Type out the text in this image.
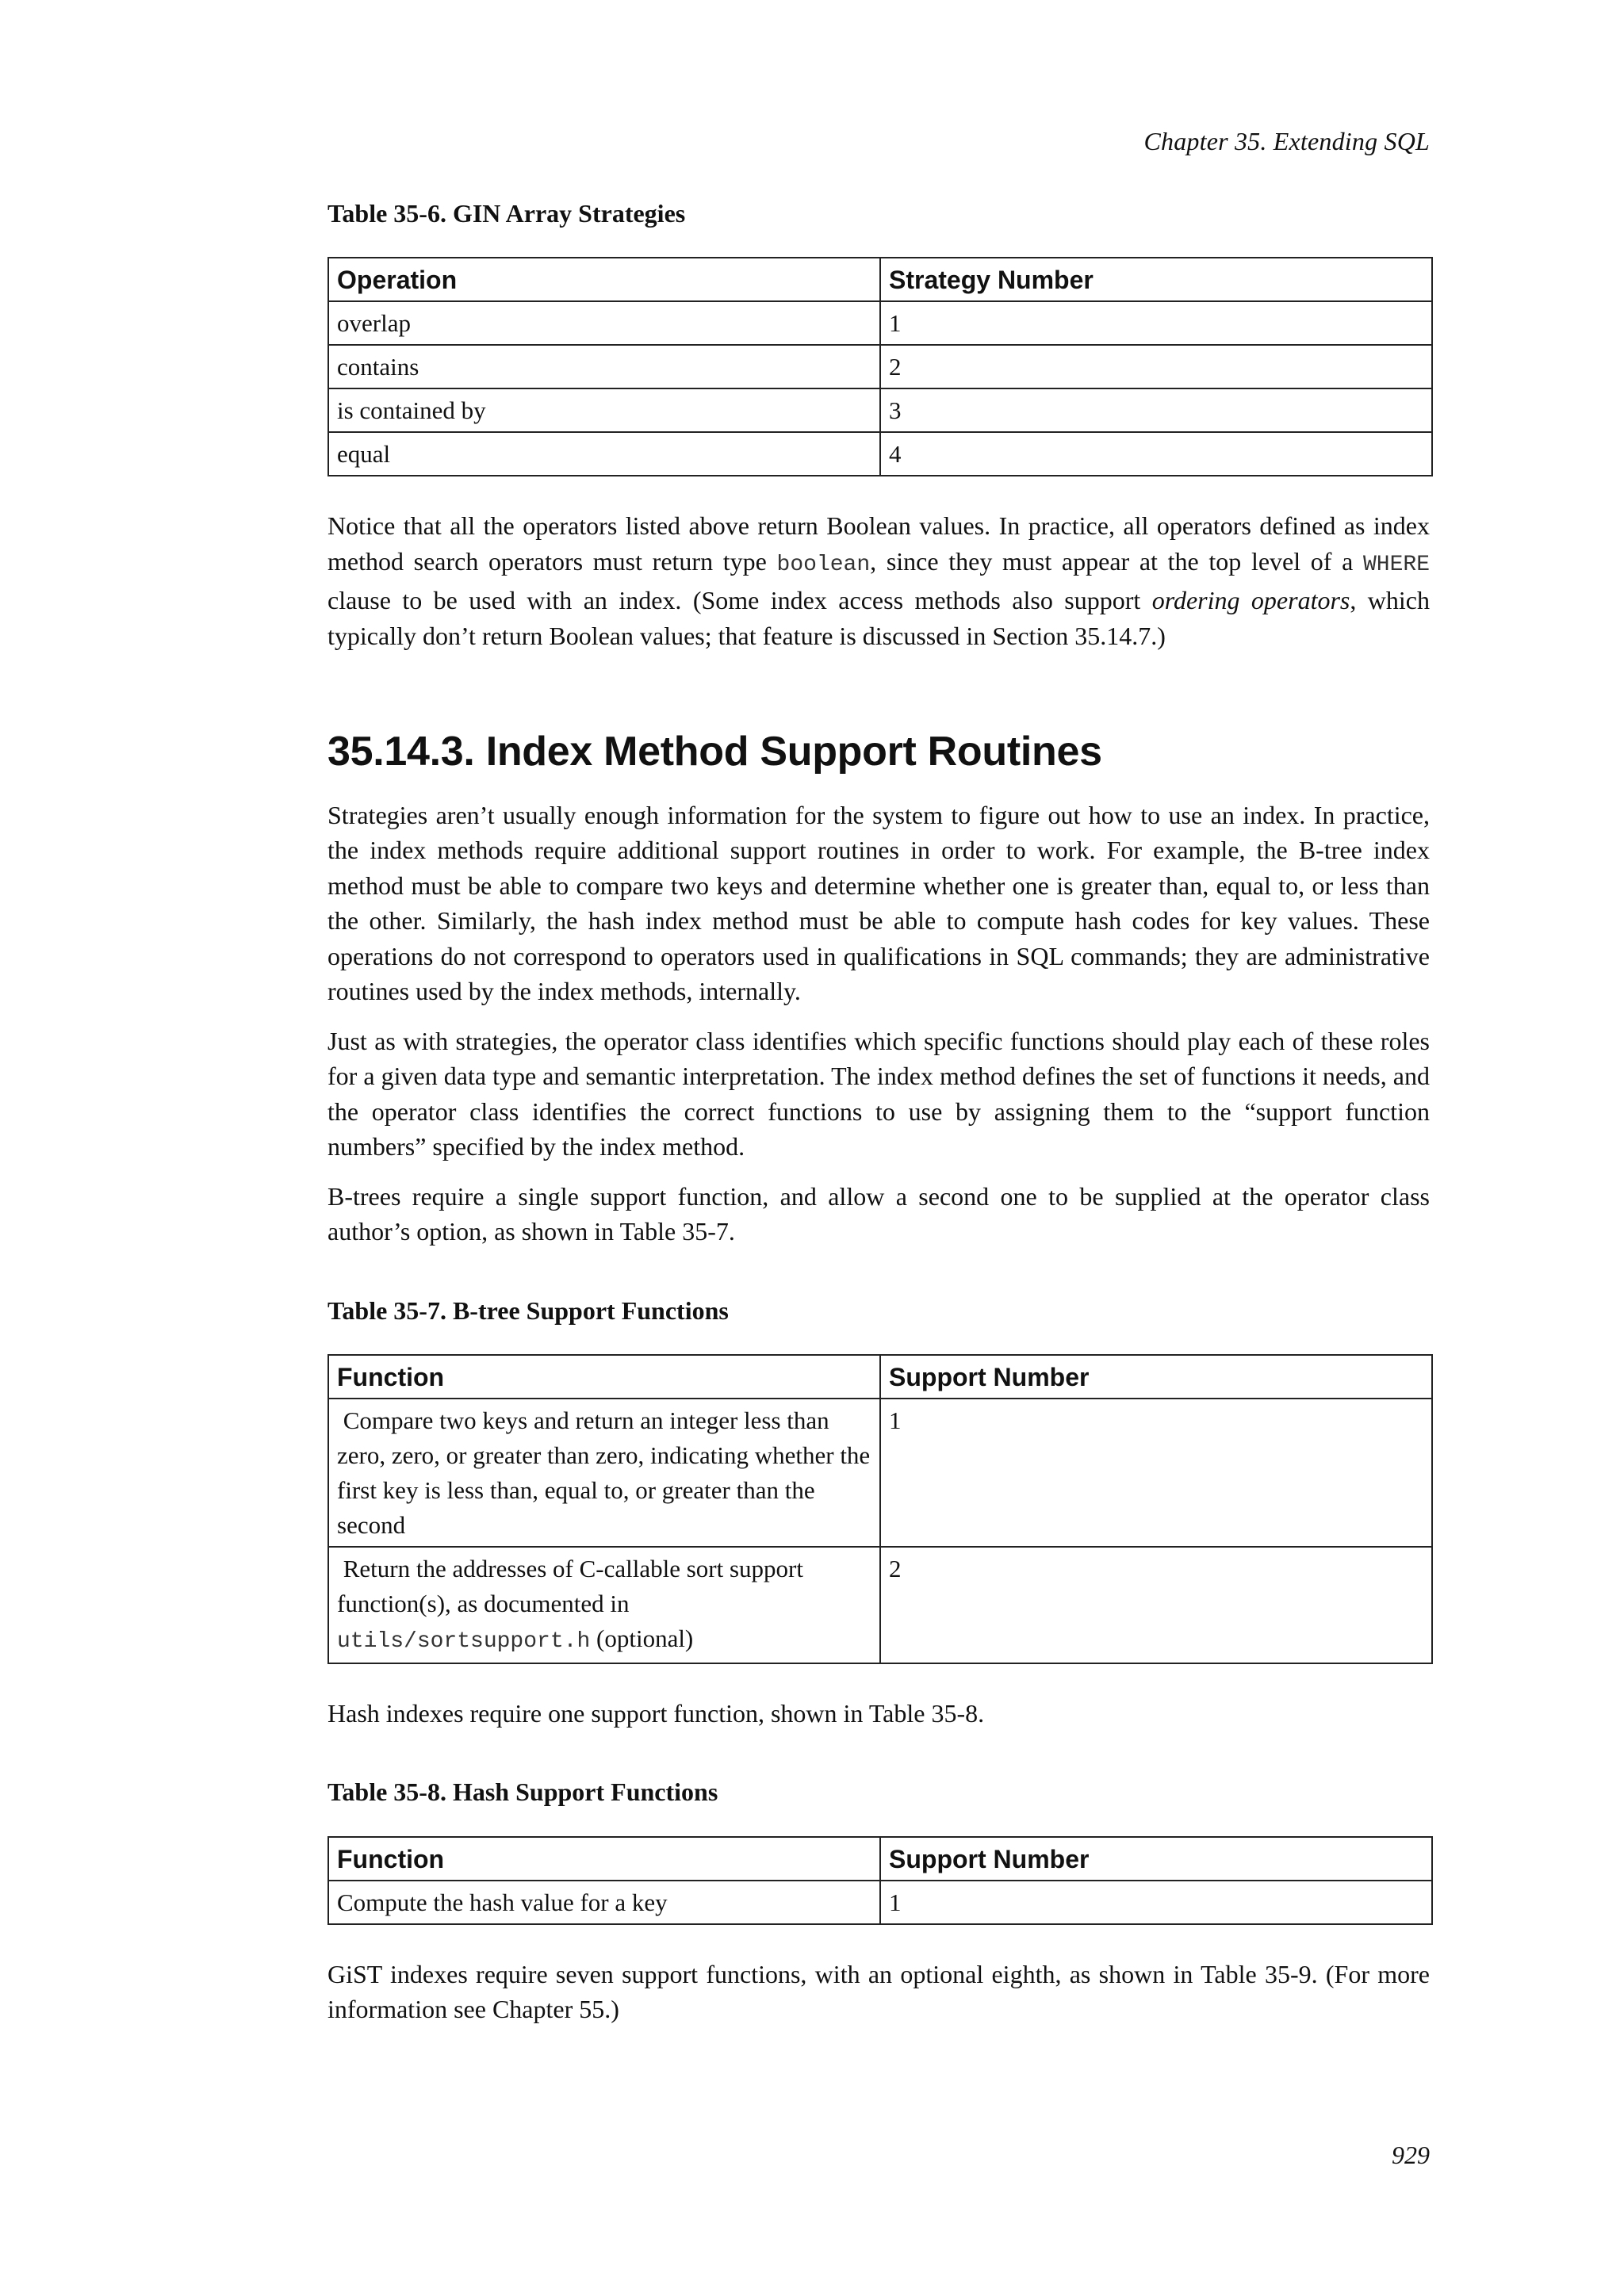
Chapter 35. Extending SQL
Table 35-6. GIN Array Strategies
Operation	Strategy Number
overlap	1
contains	2
is contained by	3
equal	4

Notice that all the operators listed above return Boolean values. In practice, all operators defined as index method search operators must return type boolean, since they must appear at the top level of a WHERE clause to be used with an index. (Some index access methods also support ordering operators, which typically don’t return Boolean values; that feature is discussed in Section 35.14.7.)

35.14.3. Index Method Support Routines

Strategies aren’t usually enough information for the system to figure out how to use an index. In practice, the index methods require additional support routines in order to work. For example, the B-tree index method must be able to compare two keys and determine whether one is greater than, equal to, or less than the other. Similarly, the hash index method must be able to compute hash codes for key values. These operations do not correspond to operators used in qualifications in SQL commands; they are administrative routines used by the index methods, internally.

Just as with strategies, the operator class identifies which specific functions should play each of these roles for a given data type and semantic interpretation. The index method defines the set of functions it needs, and the operator class identifies the correct functions to use by assigning them to the “support function numbers” specified by the index method.

B-trees require a single support function, and allow a second one to be supplied at the operator class author’s option, as shown in Table 35-7.

Table 35-7. B-tree Support Functions
Function	Support Number
Compare two keys and return an integer less than zero, zero, or greater than zero, indicating whether the first key is less than, equal to, or greater than the second	1
Return the addresses of C-callable sort support function(s), as documented in utils/sortsupport.h (optional)	2

Hash indexes require one support function, shown in Table 35-8.

Table 35-8. Hash Support Functions
Function	Support Number
Compute the hash value for a key	1

GiST indexes require seven support functions, with an optional eighth, as shown in Table 35-9. (For more information see Chapter 55.)

929
